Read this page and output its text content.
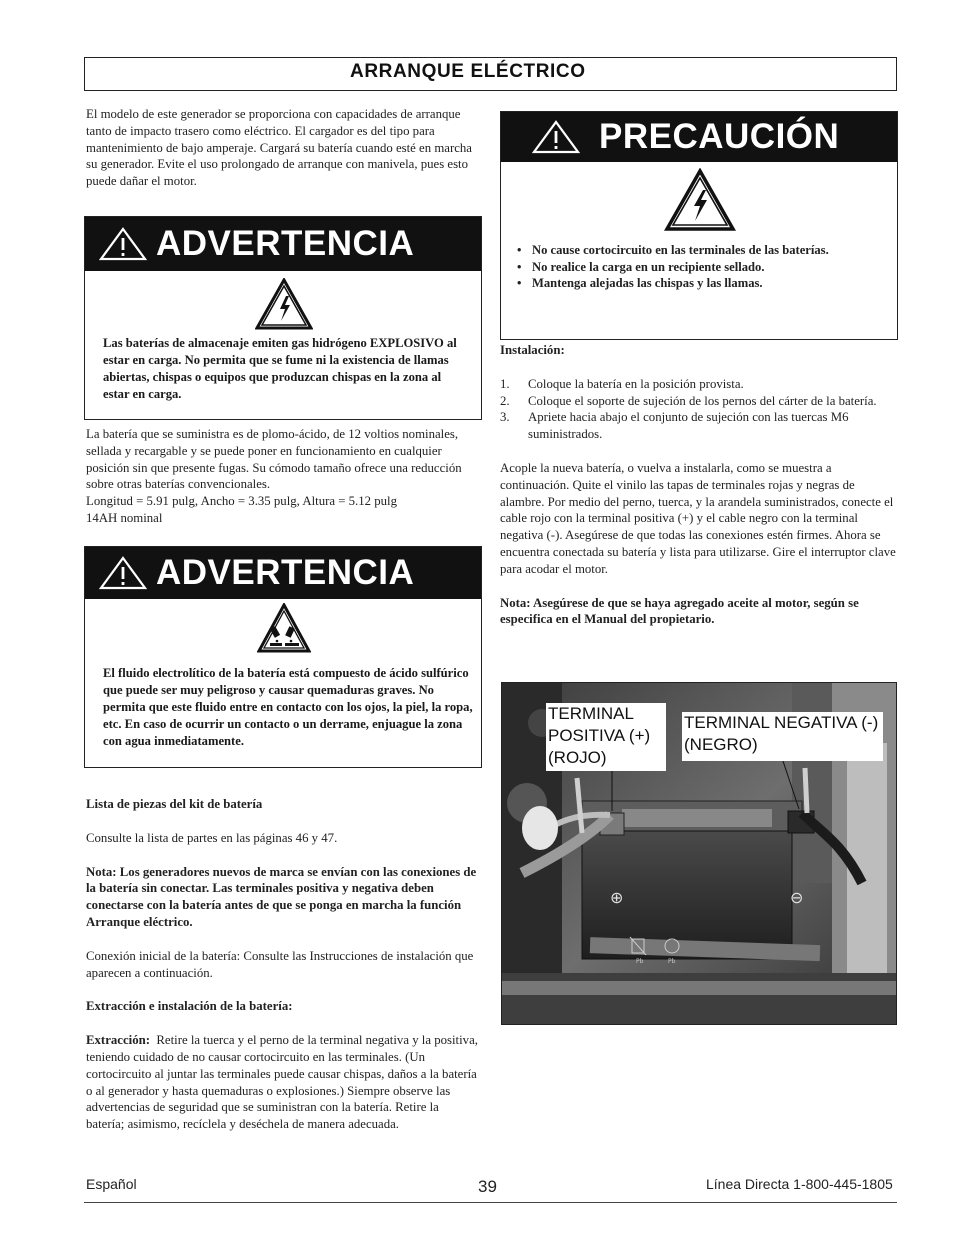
ARRANQUE ELÉCTRICO
El modelo de este generador se proporciona con capacidades de arranque tanto de impacto trasero como eléctrico. El cargador es del tipo para mantenimiento de bajo amperaje. Cargará su batería cuando esté en marcha su generador. Evite el uso prolongado de arranque con manivela, pues esto puede dañar el motor.
ADVERTENCIA
Las baterías de almacenaje emiten gas hidrógeno EXPLOSIVO al estar en carga. No permita que se fume ni la existencia de llamas abiertas, chispas o equipos que produzcan chispas en la zona al estar en carga.
La batería que se suministra es de plomo-ácido, de 12 voltios nominales, sellada y recargable y se puede poner en funcionamiento en cualquier posición sin que presente fugas. Su cómodo tamaño ofrece una reducción sobre otras baterías convencionales.
Longitud = 5.91 pulg, Ancho = 3.35 pulg, Altura = 5.12 pulg
14AH nominal
ADVERTENCIA
El fluido electrolítico de la batería está compuesto de ácido sulfúrico que puede ser muy peligroso y causar quemaduras graves. No permita que este fluido entre en contacto con los ojos, la piel, la ropa, etc. En caso de ocurrir un contacto o un derrame, enjuague la zona con agua inmediatamente.
Lista de piezas del kit de batería
Consulte la lista de partes en las páginas 46 y 47.
Nota: Los generadores nuevos de marca se envían con las conexiones de la batería sin conectar. Las terminales positiva y negativa deben conectarse con la batería antes de que se ponga en marcha la función Arranque eléctrico.
Conexión inicial de la batería: Consulte las Instrucciones de instalación que aparecen a continuación.
Extracción e instalación de la batería:
Extracción: Retire la tuerca y el perno de la terminal negativa y la positiva, teniendo cuidado de no causar cortocircuito en las terminales. (Un cortocircuito al juntar las terminales puede causar chispas, daños a la batería o al generador y hasta quemaduras o explosiones.) Siempre observe las advertencias de seguridad que se suministran con la batería. Retire la batería; asimismo, recíclela y deséchela de manera adecuada.
PRECAUCIÓN
• No cause cortocircuito en las terminales de las baterías.
• No realice la carga en un recipiente sellado.
• Mantenga alejadas las chispas y las llamas.
Instalación:
1. Coloque la batería en la posición provista.
2. Coloque el soporte de sujeción de los pernos del cárter de la batería.
3. Apriete hacia abajo el conjunto de sujeción con las tuercas M6 suministrados.
Acople la nueva batería, o vuelva a instalarla, como se muestra a continuación. Quite el vinilo las tapas de terminales rojas y negras de alambre. Por medio del perno, tuerca, y la arandela suministrados, conecte el cable rojo con la terminal positiva (+) y el cable negro con la terminal negativa (-). Asegúrese de que todas las conexiones estén firmes. Ahora se encuentra conectada su batería y lista para utilizarse. Gire el interruptor clave para acodar el motor.
Nota: Asegúrese de que se haya agregado aceite al motor, según se especifica en el Manual del propietario.
⊕	⊖
Pb	Pb
TERMINAL POSITIVA (+) (ROJO)
TERMINAL NEGATIVA (-) (NEGRO)
Español	39	Línea Directa 1-800-445-1805
